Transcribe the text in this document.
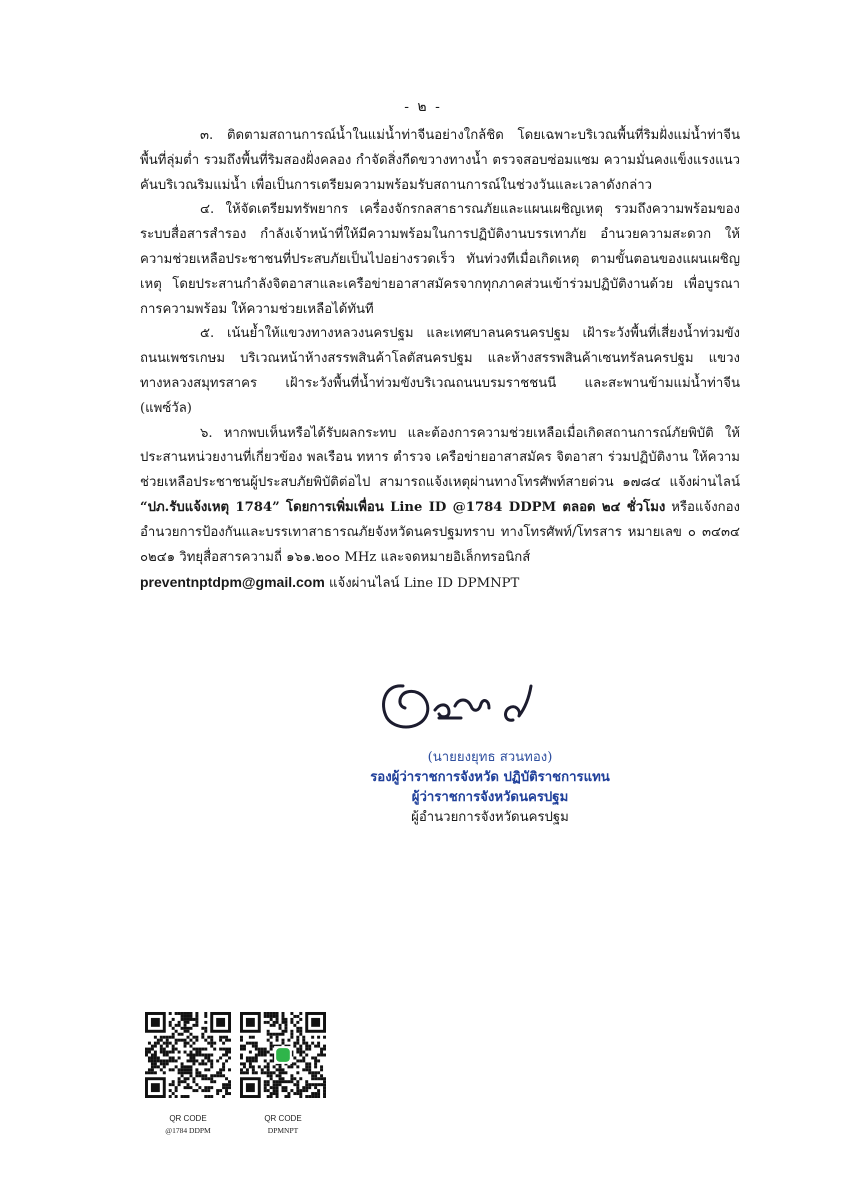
- ๒ -

๓. ติดตามสถานการณ์น้ำในแม่น้ำท่าจีนอย่างใกล้ชิด โดยเฉพาะบริเวณพื้นที่ริมฝั่งแม่น้ำท่าจีน พื้นที่ลุ่มต่ำ รวมถึงพื้นที่ริมสองฝั่งคลอง กำจัดสิ่งกีดขวางทางน้ำ ตรวจสอบซ่อมแซม ความมั่นคงแข็งแรงแนวคันบริเวณริมแม่น้ำ เพื่อเป็นการเตรียมความพร้อมรับสถานการณ์ในช่วงวันและเวลาดังกล่าว

๔. ให้จัดเตรียมทรัพยากร เครื่องจักรกลสาธารณภัยและแผนเผชิญเหตุ รวมถึงความพร้อมของระบบสื่อสารสำรอง กำลังเจ้าหน้าที่ให้มีความพร้อมในการปฏิบัติงานบรรเทาภัย อำนวยความสะดวก ให้ความช่วยเหลือประชาชนที่ประสบภัยเป็นไปอย่างรวดเร็ว ทันท่วงทีเมื่อเกิดเหตุ ตามขั้นตอนของแผนเผชิญเหตุ โดยประสานกำลังจิตอาสาและเครือข่ายอาสาสมัครจากทุกภาคส่วนเข้าร่วมปฏิบัติงานด้วย เพื่อบูรณาการความพร้อม ให้ความช่วยเหลือได้ทันที

๕. เน้นย้ำให้แขวงทางหลวงนครปฐม และเทศบาลนครนครปฐม เฝ้าระวังพื้นที่เสี่ยงน้ำท่วมขังถนนเพชรเกษม บริเวณหน้าห้างสรรพสินค้าโลตัสนครปฐม และห้างสรรพสินค้าเซนทรัลนครปฐม แขวงทางหลวงสมุทรสาคร เฝ้าระวังพื้นที่น้ำท่วมขังบริเวณถนนบรมราชชนนี และสะพานข้ามแม่น้ำท่าจีน (แพซ์วัล)

๖. หากพบเห็นหรือได้รับผลกระทบ และต้องการความช่วยเหลือเมื่อเกิดสถานการณ์ภัยพิบัติ ให้ประสานหน่วยงานที่เกี่ยวข้อง พลเรือน ทหาร ตำรวจ เครือข่ายอาสาสมัคร จิตอาสา ร่วมปฏิบัติงาน ให้ความช่วยเหลือประชาชนผู้ประสบภัยพิบัติต่อไป สามารถแจ้งเหตุผ่านทางโทรศัพท์สายด่วน ๑๗๘๔ แจ้งผ่านไลน์ “ปภ.รับแจ้งเหตุ 1784” โดยการเพิ่มเพื่อน Line ID @1784 DDPM ตลอด ๒๔ ชั่วโมง หรือแจ้งกองอำนวยการป้องกันและบรรเทาสาธารณภัยจังหวัดนครปฐมทราบ ทางโทรศัพท์/โทรสาร หมายเลข ๐ ๓๔๓๔ ๐๒๔๑ วิทยุสื่อสารความถี่ ๑๖๑.๒๐๐ MHz และจดหมายอิเล็กทรอนิกส์

preventnptdpm@gmail.com แจ้งผ่านไลน์ Line ID DPMNPT

(นายยงยุทธ สวนทอง)
รองผู้ว่าราชการจังหวัด ปฏิบัติราชการแทน
ผู้ว่าราชการจังหวัดนครปฐม
ผู้อำนวยการจังหวัดนครปฐม
QR CODE
@1784 DDPM
QR CODE
DPMNPT
